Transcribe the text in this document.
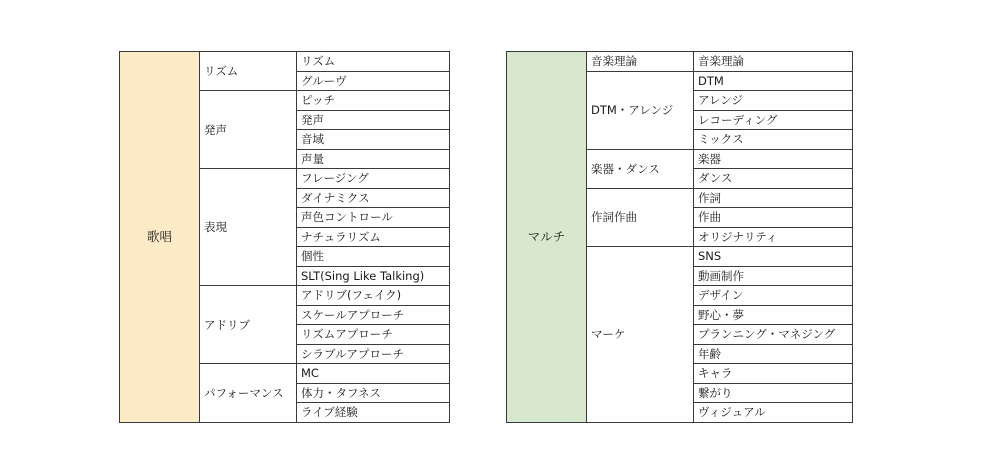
歌唱	リズム	リズム
		グルーヴ
	発声	ピッチ
		発声
		音域
		声量
	表現	フレージング
		ダイナミクス
		声色コントロール
		ナチュラリズム
		個性
		SLT(Sing Like Talking)
	アドリブ	アドリブ(フェイク)
		スケールアプローチ
		リズムアプローチ
		シラブルアプローチ
	パフォーマンス	MC
		体力・タフネス
		ライブ経験
マルチ	音楽理論	音楽理論
	DTM・アレンジ	DTM
		アレンジ
		レコーディング
		ミックス
	楽器・ダンス	楽器
		ダンス
	作詞作曲	作詞
		作曲
		オリジナリティ
	マーケ	SNS
		動画制作
		デザイン
		野心・夢
		プランニング・マネジング
		年齢
		キャラ
		繋がり
		ヴィジュアル
